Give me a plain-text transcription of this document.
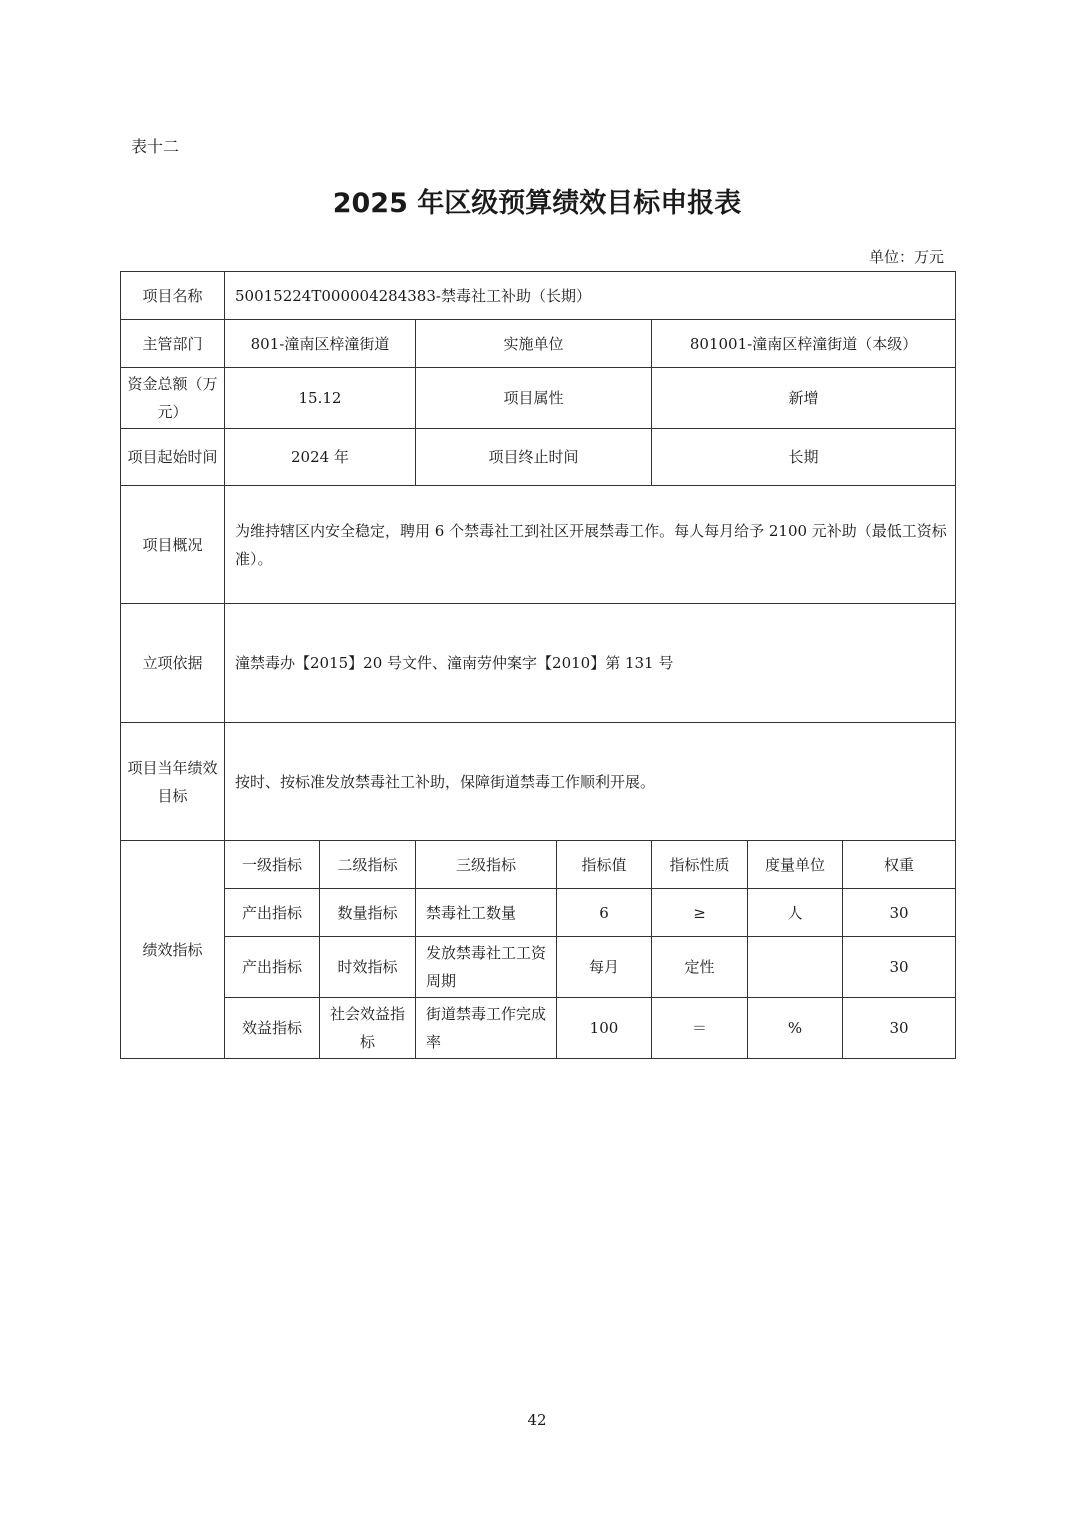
表十二
2025 年区级预算绩效目标申报表
单位：万元
项目名称	50015224T000004284383-禁毒社工补助（长期）						
主管部门	801-潼南区梓潼街道		实施单位		801001-潼南区梓潼街道（本级）		
资金总额（万元）	15.12		项目属性		新增		
项目起始时间	2024 年		项目终止时间		长期		
项目概况	为维持辖区内安全稳定，聘用 6 个禁毒社工到社区开展禁毒工作。每人每月给予 2100 元补助（最低工资标准）。						
立项依据	潼禁毒办【2015】20 号文件、潼南劳仲案字【2010】第 131 号						
项目当年绩效目标	按时、按标准发放禁毒社工补助，保障街道禁毒工作顺利开展。						
绩效指标	一级指标	二级指标	三级指标	指标值	指标性质	度量单位	权重
	产出指标	数量指标	禁毒社工数量	6	≥	人	30
	产出指标	时效指标	发放禁毒社工工资周期	每月	定性		30
	效益指标	社会效益指标	街道禁毒工作完成率	100	＝	%	30
42
